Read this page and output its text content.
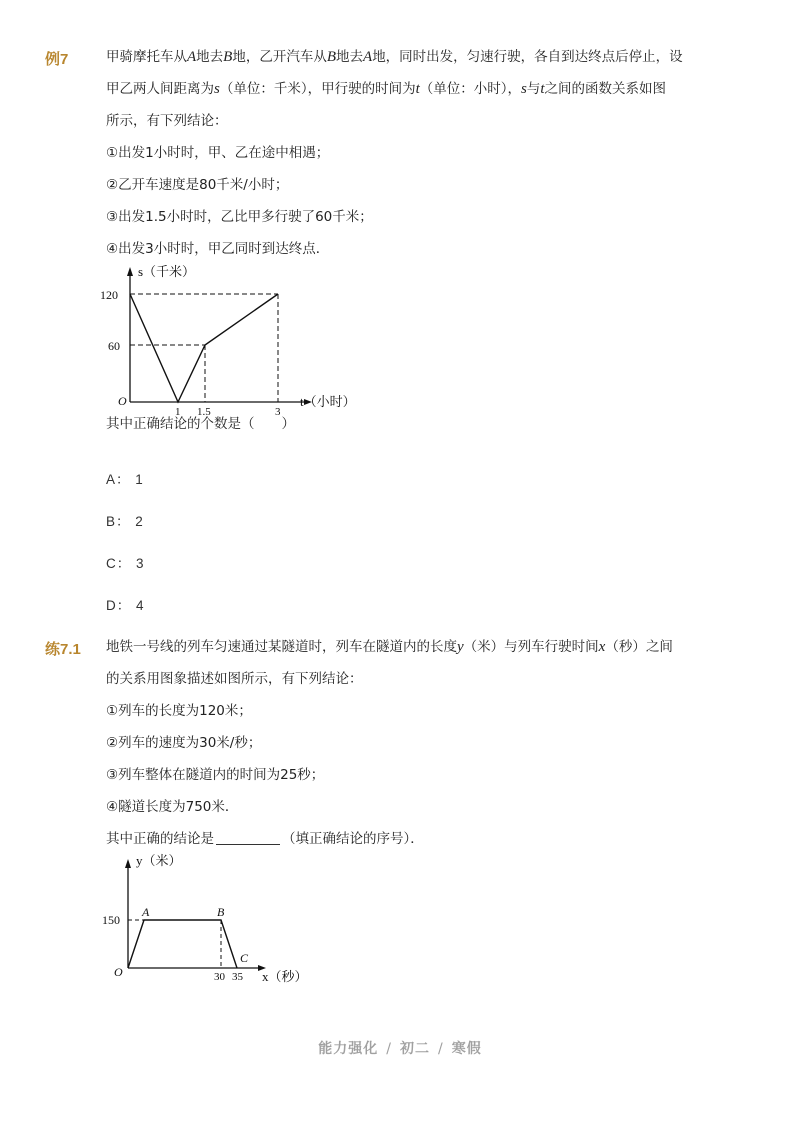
例7	甲骑摩托车从A地去B地，乙开汽车从B地去A地，同时出发，匀速行驶，各自到达终点后停止，设
甲乙两人间距离为s（单位：千米），甲行驶的时间为t（单位：小时），s与t之间的函数关系如图
所示，有下列结论：
①出发1小时时，甲、乙在途中相遇；
②乙开车速度是80千米/小时；
③出发1.5小时时，乙比甲多行驶了60千米；
④出发3小时时，甲乙同时到达终点．
s（千米）
120
60
O
1 1.5	3
t（小时）
其中正确结论的个数是（　　）
A： 1
B： 2
C： 3
D： 4
练7.1 地铁一号线的列车匀速通过某隧道时，列车在隧道内的长度y（米）与列车行驶时间x（秒）之间
的关系用图象描述如图所示，有下列结论：
①列车的长度为120米；
②列车的速度为30米/秒；
③列车整体在隧道内的时间为25秒；
④隧道长度为750米．
其中正确的结论是	（填正确结论的序号）．
y（米）
150
A	B
C
O	30 35 x（秒）
能力强化 / 初二 / 寒假
